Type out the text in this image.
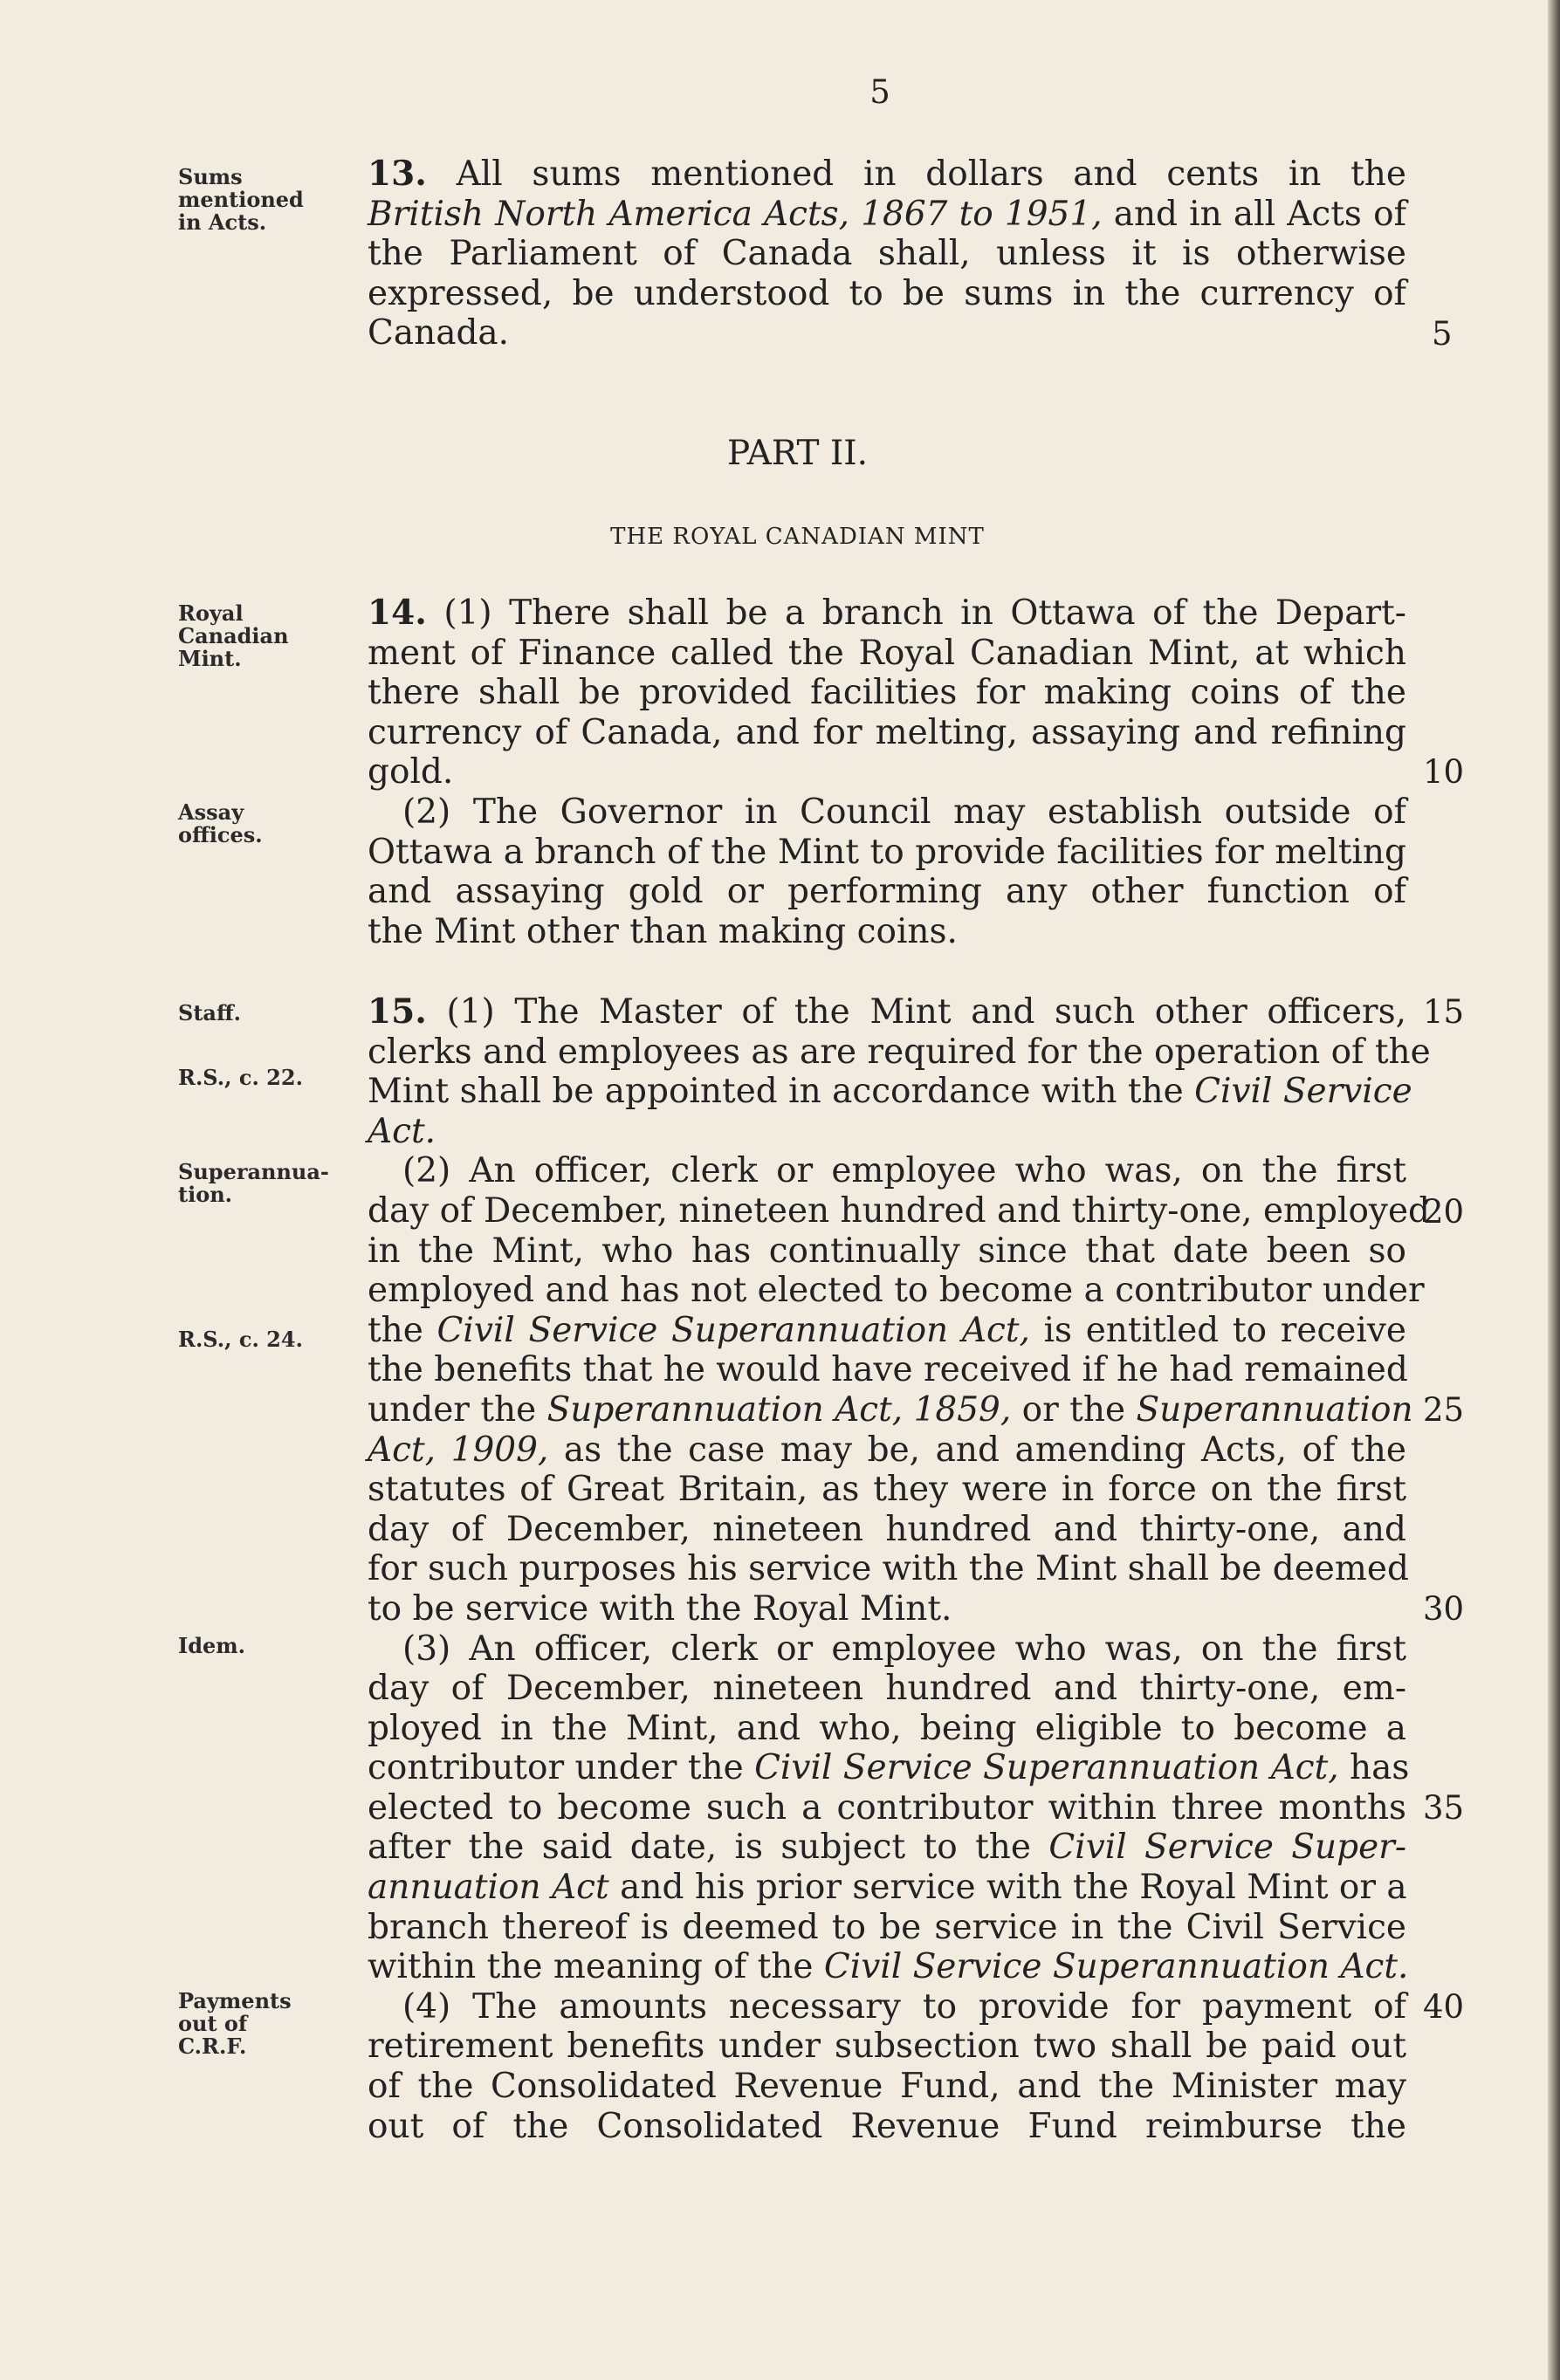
5
Sums mentioned in Acts.
Royal Canadian Mint.
Assay offices.
Staff.
R.S., c. 22.
Superannua- tion.
R.S., c. 24.
Idem.
Payments out of C.R.F.
13. All sums mentioned in dollars and cents in the
British North America Acts, 1867 to 1951, and in all Acts of
the Parliament of Canada shall, unless it is otherwise
expressed, be understood to be sums in the currency of
Canada.
PART II.
THE ROYAL CANADIAN MINT
14. (1) There shall be a branch in Ottawa of the Depart-
ment of Finance called the Royal Canadian Mint, at which
there shall be provided facilities for making coins of the
currency of Canada, and for melting, assaying and refining
gold.
(2) The Governor in Council may establish outside of
Ottawa a branch of the Mint to provide facilities for melting
and assaying gold or performing any other function of
the Mint other than making coins.
15. (1) The Master of the Mint and such other officers,
clerks and employees as are required for the operation of the
Mint shall be appointed in accordance with the Civil Service
Act.
(2) An officer, clerk or employee who was, on the first
day of December, nineteen hundred and thirty-one, employed
in the Mint, who has continually since that date been so
employed and has not elected to become a contributor under
the Civil Service Superannuation Act, is entitled to receive
the benefits that he would have received if he had remained
under the Superannuation Act, 1859, or the Superannuation
Act, 1909, as the case may be, and amending Acts, of the
statutes of Great Britain, as they were in force on the first
day of December, nineteen hundred and thirty-one, and
for such purposes his service with the Mint shall be deemed
to be service with the Royal Mint.
(3) An officer, clerk or employee who was, on the first
day of December, nineteen hundred and thirty-one, em-
ployed in the Mint, and who, being eligible to become a
contributor under the Civil Service Superannuation Act, has
elected to become such a contributor within three months
after the said date, is subject to the Civil Service Super-
annuation Act and his prior service with the Royal Mint or a
branch thereof is deemed to be service in the Civil Service
within the meaning of the Civil Service Superannuation Act.
(4) The amounts necessary to provide for payment of
retirement benefits under subsection two shall be paid out
of the Consolidated Revenue Fund, and the Minister may
out of the Consolidated Revenue Fund reimburse the
5
10
15
20
25
30
35
40
